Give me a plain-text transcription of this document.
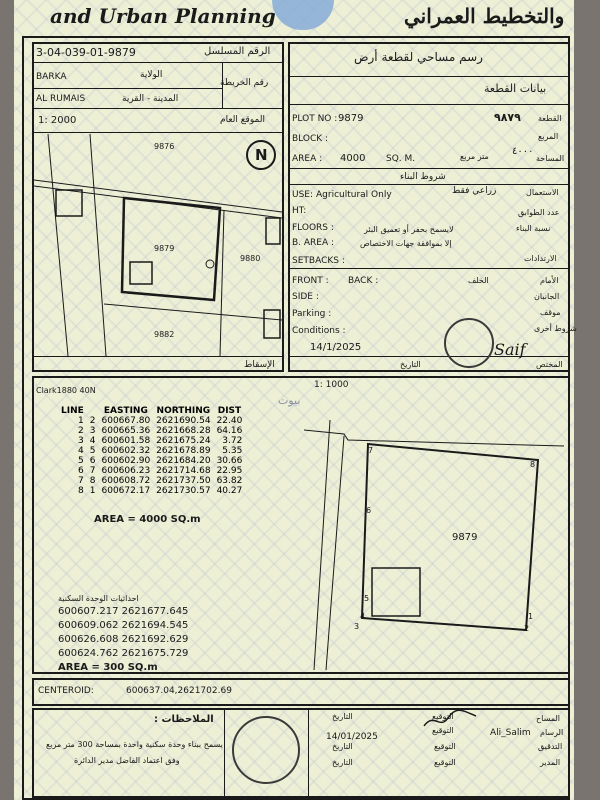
and Urban Planning	والتخطيط العمراني
3-04-039-01-9879	الرقم المسلسل
BARKA	الولاية
رقم الخريطة
AL RUMAIS	المدينة - القرية
1: 2000	الموقع العام
9876
9879
9880
9882
N
الإسقاط
رسم مساحي لقطعة أرض
بيانات القطعة
PLOT NO : 9879	٩٨٧٩ القطعة
BLOCK :	المربع
AREA : 4000 SQ. M.	متر مربع ٤٠٠٠
المساحة
شروط البناء
USE: Agricultural Only	زراعي فقط	الاستعمال
HT:	عدد الطوابق
FLOORS :	لايسمح بحفر أو تعميق البئر	نسبة البناء
B. AREA :	إلا بموافقة جهات الاختصاص
SETBACKS :	الارتدادات
FRONT : BACK :	الخلف	الأمام
SIDE :	الجانبان
Parking :	موقف
Conditions :	شروط أخرى
14/1/2025
التاريخ	المختص
Saif
Clark1880 40N
1: 1000
بيوت
LINE		EASTING	NORTHING	DIST
1	2	600667.80	2621690.54	22.40
2	3	600665.36	2621668.28	64.16
3	4	600601.58	2621675.24	3.72
4	5	600602.32	2621678.89	5.35
5	6	600602.90	2621684.20	30.66
6	7	600606.23	2621714.68	22.95
7	8	600608.72	2621737.50	63.82
8	1	600672.17	2621730.57	40.27
AREA = 4000 SQ.m
7
8
6
9879
5
4
3
1
2
احداثيات الوحدة السكنية
600607.217 2621677.645
600609.062 2621694.545
600626.608 2621692.629
600624.762 2621675.729
AREA = 300 SQ.m
CENTEROID:	600637.04,2621702.69
الملاحظات :
يسمح ببناء وحدة سكنية واحدة بمساحة 300 متر مربع
وفق اعتماد الفاضل مدير الدائرة
التاريخ	التوقيع	المساح
14/01/2025
التوقيع	Ali_Salim الرسام
التاريخ	التوقيع	التدقيق
التاريخ	التوقيع	المدير
